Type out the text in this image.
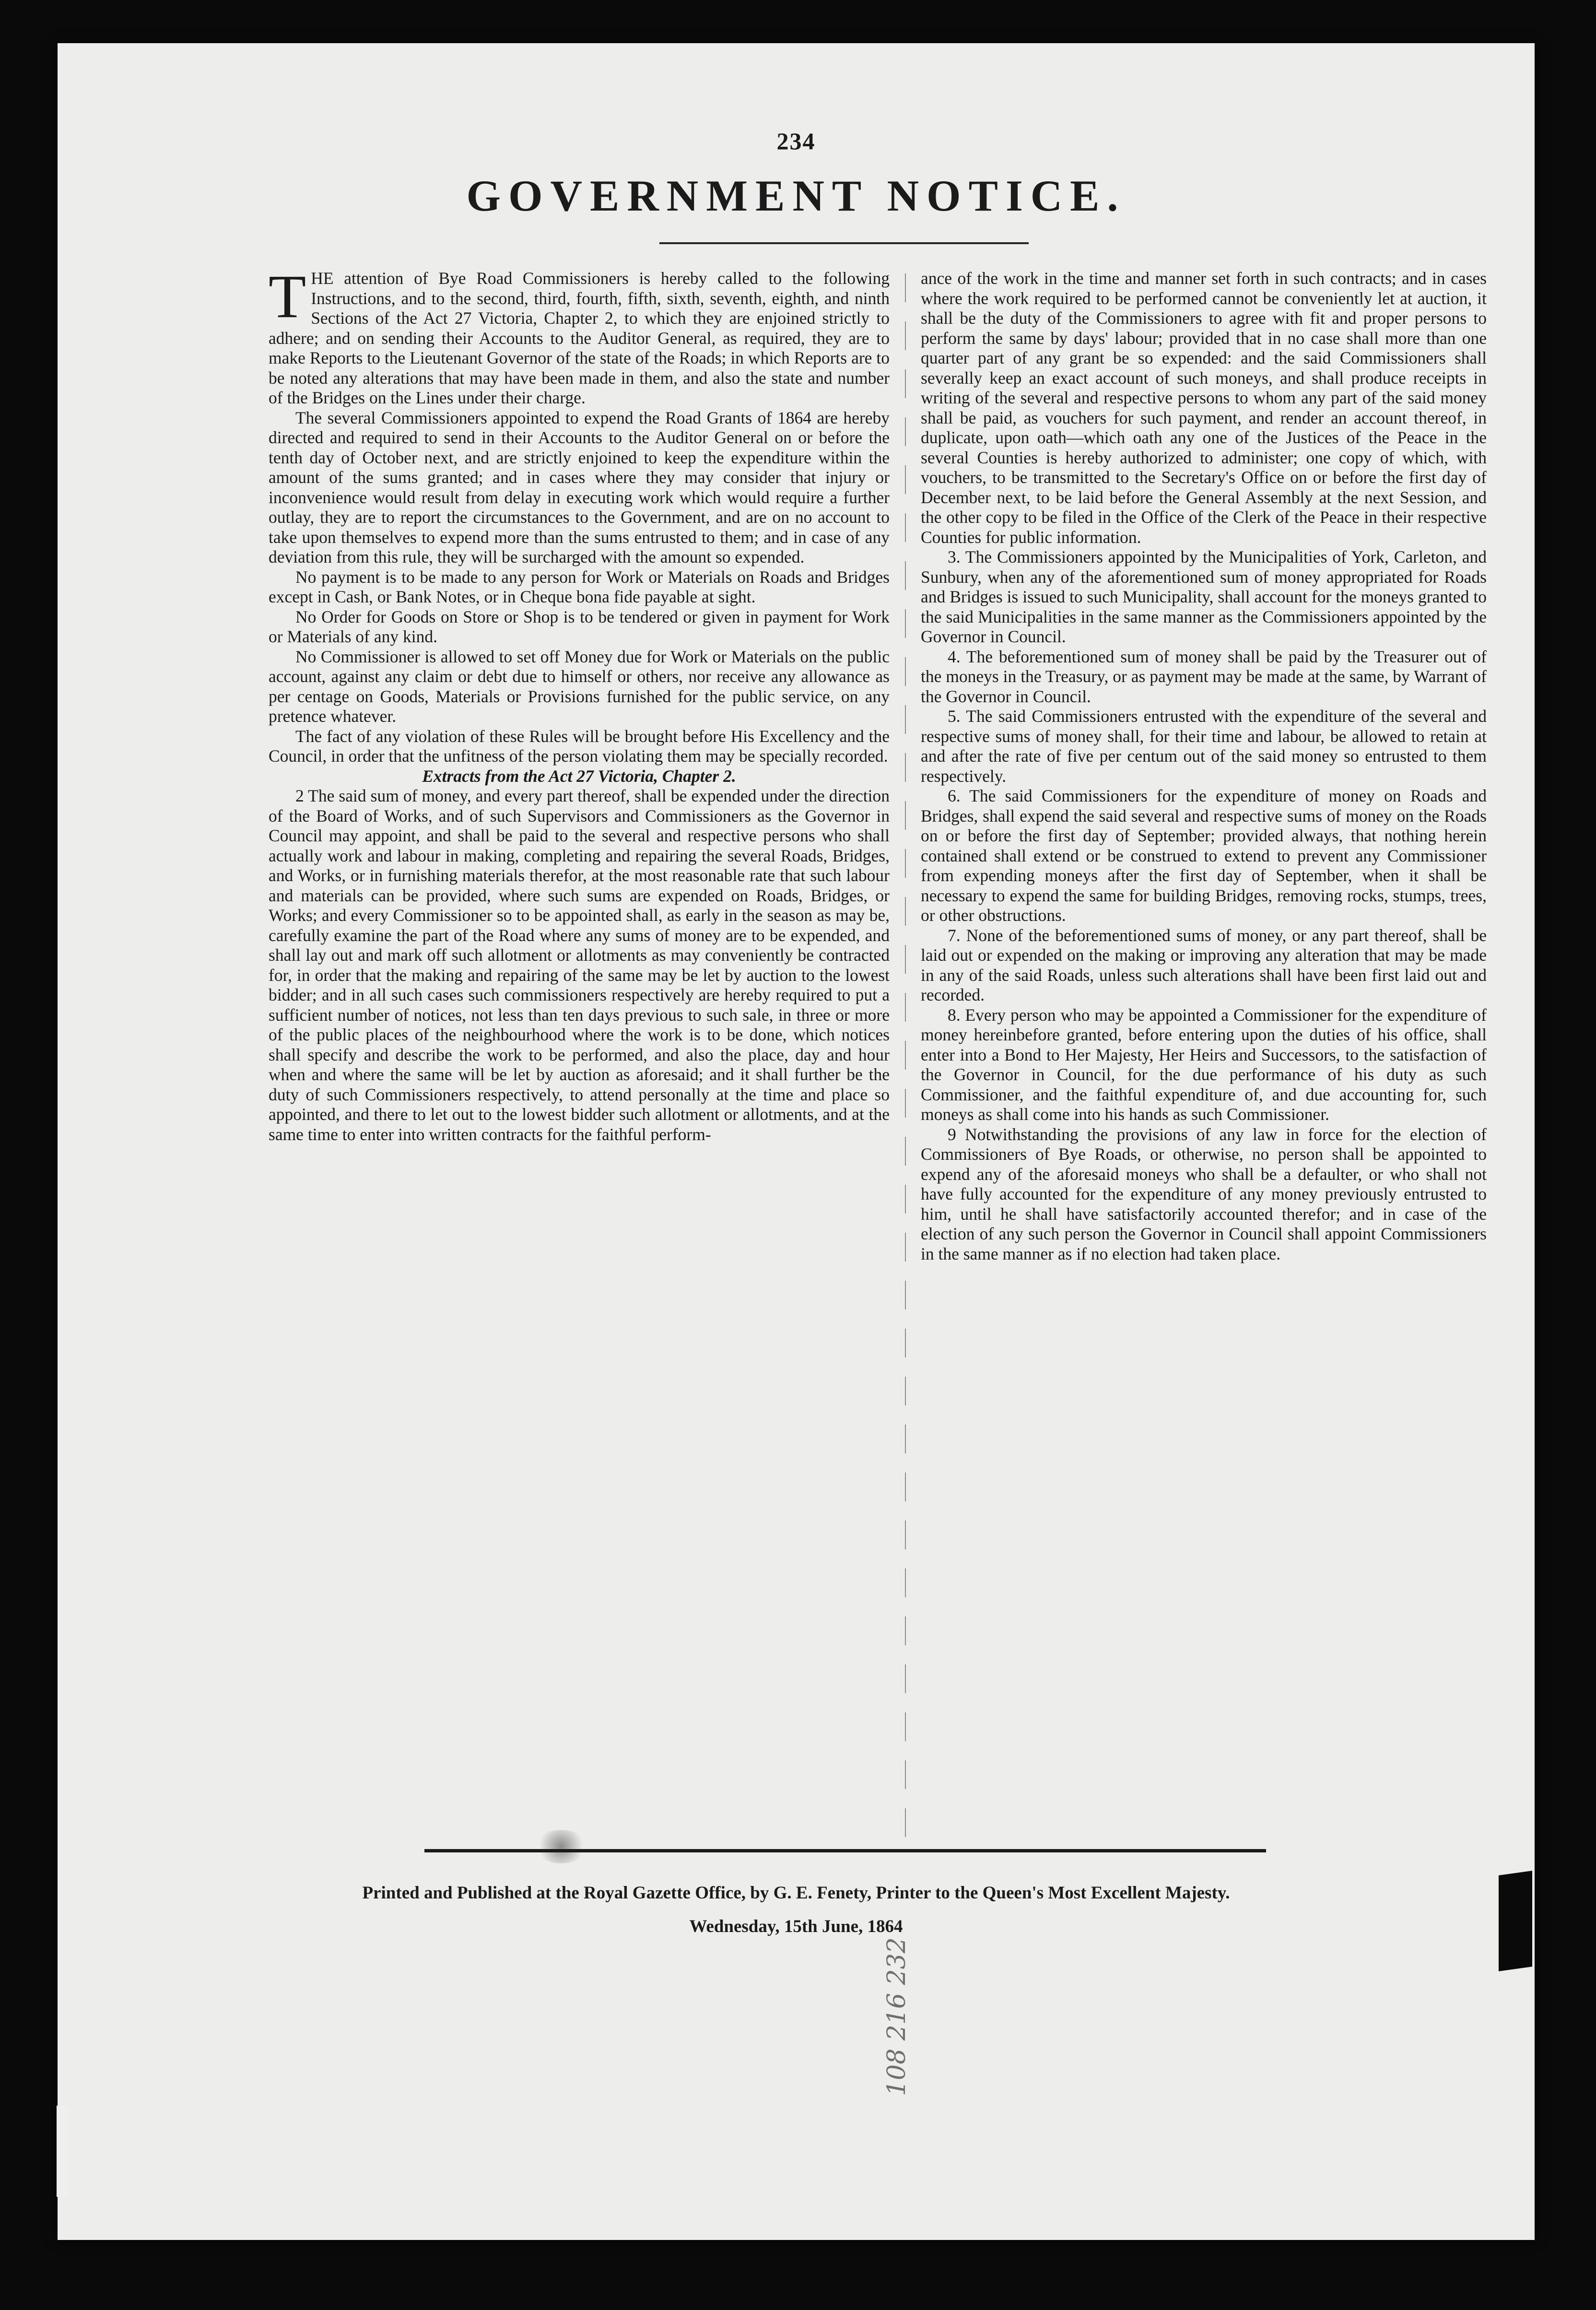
234
GOVERNMENT NOTICE.

T HE attention of Bye Road Commissioners is hereby called to the following Instructions, and to the second, third, fourth, fifth, sixth, seventh, eighth, and ninth Sections of the Act 27 Victoria, Chapter 2, to which they are enjoined strictly to adhere; and on sending their Accounts to the Auditor General, as required, they are to make Reports to the Lieutenant Governor of the state of the Roads; in which Reports are to be noted any alterations that may have been made in them, and also the state and number of the Bridges on the Lines under their charge.

The several Commissioners appointed to expend the Road Grants of 1864 are hereby directed and required to send in their Accounts to the Auditor General on or before the tenth day of October next, and are strictly enjoined to keep the expenditure within the amount of the sums granted; and in cases where they may consider that injury or inconvenience would result from delay in executing work which would require a further outlay, they are to report the circumstances to the Government, and are on no account to take upon themselves to expend more than the sums entrusted to them; and in case of any deviation from this rule, they will be surcharged with the amount so expended.

No payment is to be made to any person for Work or Materials on Roads and Bridges except in Cash, or Bank Notes, or in Cheque bona fide payable at sight.

No Order for Goods on Store or Shop is to be tendered or given in payment for Work or Materials of any kind.

No Commissioner is allowed to set off Money due for Work or Materials on the public account, against any claim or debt due to himself or others, nor receive any allowance as per centage on Goods, Materials or Provisions furnished for the public service, on any pretence whatever.

The fact of any violation of these Rules will be brought before His Excellency and the Council, in order that the unfitness of the person violating them may be specially recorded.

Extracts from the Act 27 Victoria, Chapter 2.

2 The said sum of money, and every part thereof, shall be expended under the direction of the Board of Works, and of such Supervisors and Commissioners as the Governor in Council may appoint, and shall be paid to the several and respective persons who shall actually work and labour in making, completing and repairing the several Roads, Bridges, and Works, or in furnishing materials therefor, at the most reasonable rate that such labour and materials can be provided, where such sums are expended on Roads, Bridges, or Works; and every Commissioner so to be appointed shall, as early in the season as may be, carefully examine the part of the Road where any sums of money are to be expended, and shall lay out and mark off such allotment or allotments as may conveniently be contracted for, in order that the making and repairing of the same may be let by auction to the lowest bidder; and in all such cases such commissioners respectively are hereby required to put a sufficient number of notices, not less than ten days previous to such sale, in three or more of the public places of the neighbourhood where the work is to be done, which notices shall specify and describe the work to be performed, and also the place, day and hour when and where the same will be let by auction as aforesaid; and it shall further be the duty of such Commissioners respectively, to attend personally at the time and place so appointed, and there to let out to the lowest bidder such allotment or allotments, and at the same time to enter into written contracts for the faithful perform-

ance of the work in the time and manner set forth in such contracts; and in cases where the work required to be performed cannot be conveniently let at auction, it shall be the duty of the Commissioners to agree with fit and proper persons to perform the same by days' labour; provided that in no case shall more than one quarter part of any grant be so expended: and the said Commissioners shall severally keep an exact account of such moneys, and shall produce receipts in writing of the several and respective persons to whom any part of the said money shall be paid, as vouchers for such payment, and render an account thereof, in duplicate, upon oath—which oath any one of the Justices of the Peace in the several Counties is hereby authorized to administer; one copy of which, with vouchers, to be transmitted to the Secretary's Office on or before the first day of December next, to be laid before the General Assembly at the next Session, and the other copy to be filed in the Office of the Clerk of the Peace in their respective Counties for public information.

3. The Commissioners appointed by the Municipalities of York, Carleton, and Sunbury, when any of the aforementioned sum of money appropriated for Roads and Bridges is issued to such Municipality, shall account for the moneys granted to the said Municipalities in the same manner as the Commissioners appointed by the Governor in Council.

4. The beforementioned sum of money shall be paid by the Treasurer out of the moneys in the Treasury, or as payment may be made at the same, by Warrant of the Governor in Council.

5. The said Commissioners entrusted with the expenditure of the several and respective sums of money shall, for their time and labour, be allowed to retain at and after the rate of five per centum out of the said money so entrusted to them respectively.

6. The said Commissioners for the expenditure of money on Roads and Bridges, shall expend the said several and respective sums of money on the Roads on or before the first day of September; provided always, that nothing herein contained shall extend or be construed to extend to prevent any Commissioner from expending moneys after the first day of September, when it shall be necessary to expend the same for building Bridges, removing rocks, stumps, trees, or other obstructions.

7. None of the beforementioned sums of money, or any part thereof, shall be laid out or expended on the making or improving any alteration that may be made in any of the said Roads, unless such alterations shall have been first laid out and recorded.

8. Every person who may be appointed a Commissioner for the expenditure of money hereinbefore granted, before entering upon the duties of his office, shall enter into a Bond to Her Majesty, Her Heirs and Successors, to the satisfaction of the Governor in Council, for the due performance of his duty as such Commissioner, and the faithful expenditure of, and due accounting for, such moneys as shall come into his hands as such Commissioner.

9 Notwithstanding the provisions of any law in force for the election of Commissioners of Bye Roads, or otherwise, no person shall be appointed to expend any of the aforesaid moneys who shall be a defaulter, or who shall not have fully accounted for the expenditure of any money previously entrusted to him, until he shall have satisfactorily accounted therefor; and in case of the election of any such person the Governor in Council shall appoint Commissioners in the same manner as if no election had taken place.

Printed and Published at the Royal Gazette Office, by G. E. Fenety, Printer to the Queen's Most Excellent Majesty.
Wednesday, 15th June, 1864
108 216 232
